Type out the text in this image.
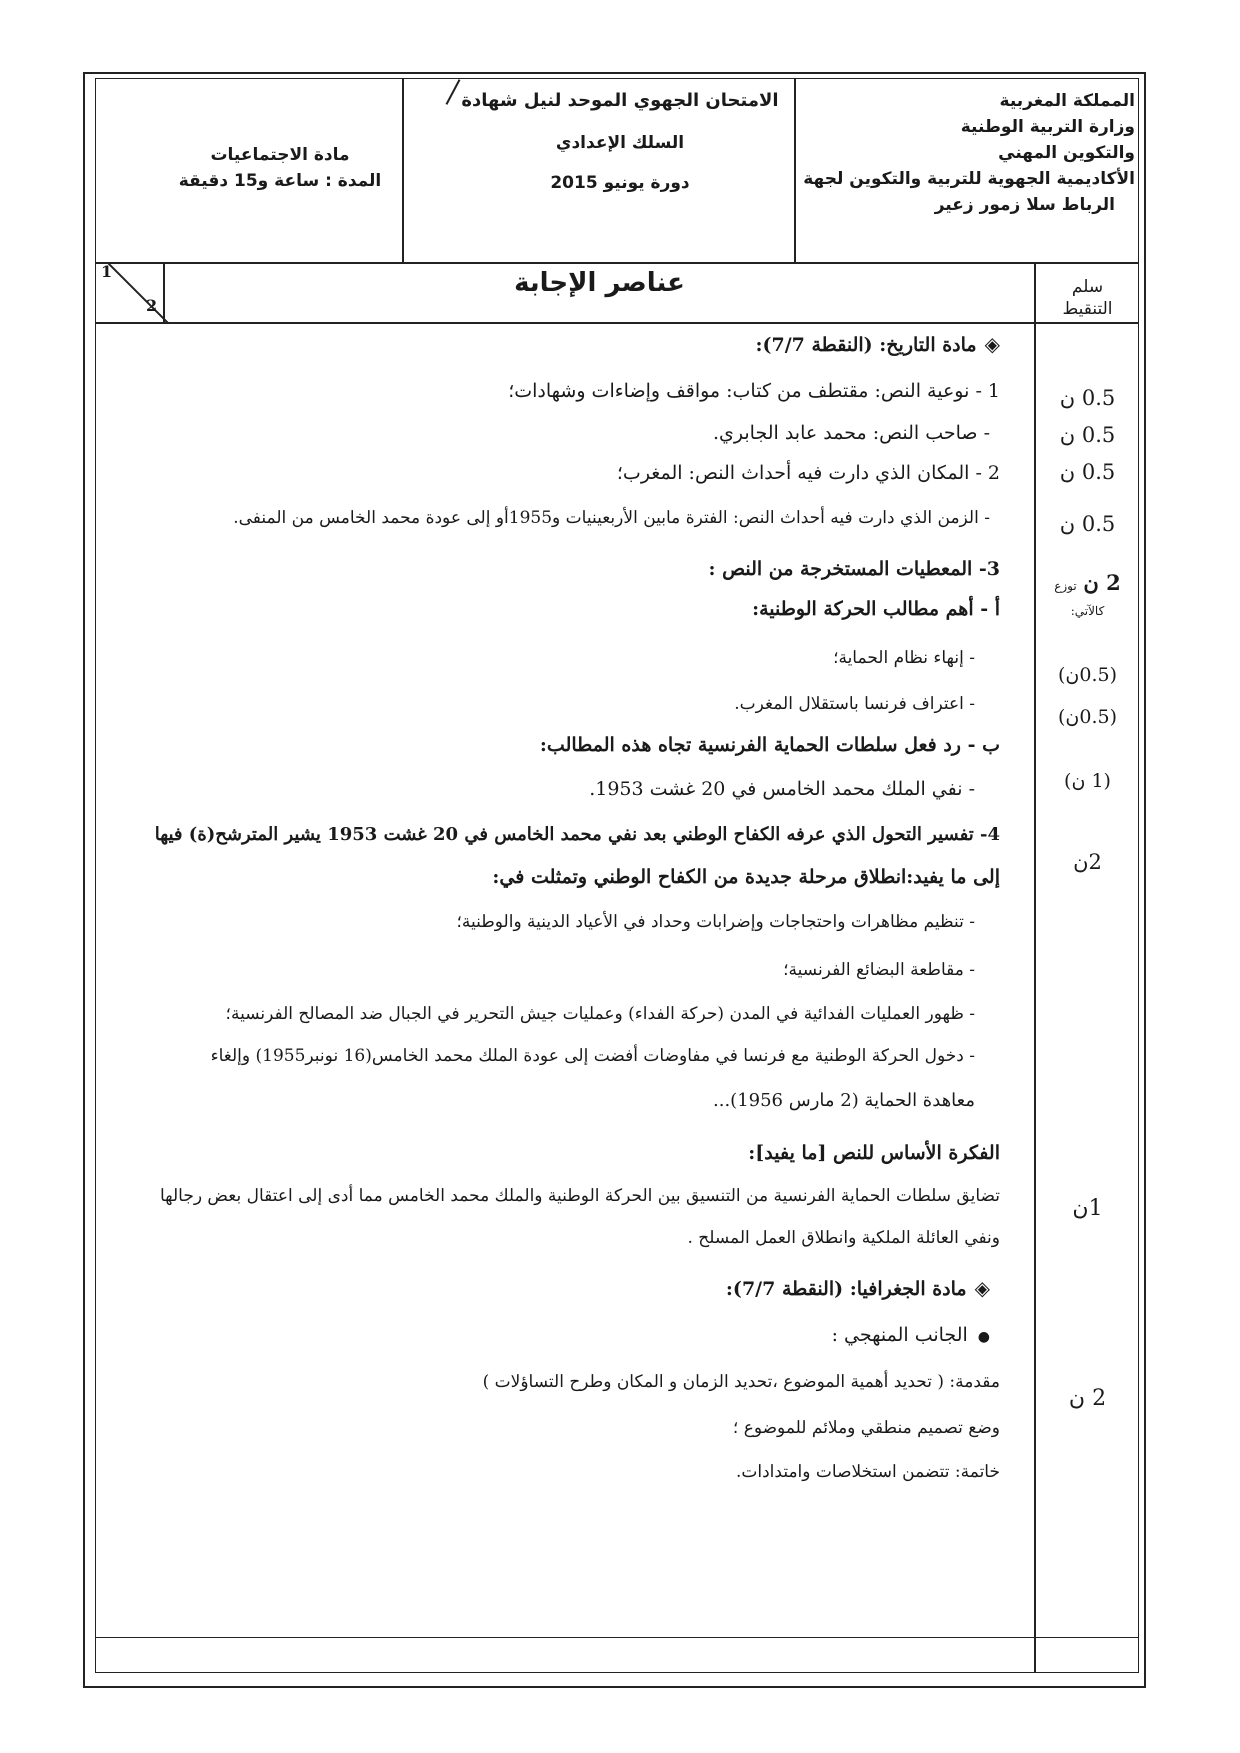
المملكة المغربية
وزارة التربية الوطنية
والتكوين المهني
الأكاديمية الجهوية للتربية والتكوين لجهة
الرباط سلا زمور زعير
الامتحان الجهوي الموحد لنيل شهادة
السلك الإعدادي
دورة يونيو 2015
مادة الاجتماعيات
المدة : ساعة و15 دقيقة
1
2
عناصر الإجابة	سلم
التنقيط
◈مادة التاريخ: (النقطة 7/7):
1 - نوعية النص: مقتطف من كتاب: مواقف وإضاءات وشهادات؛
- صاحب النص: محمد عابد الجابري.
2 - المكان الذي دارت فيه أحداث النص: المغرب؛
- الزمن الذي دارت فيه أحداث النص: الفترة مابين الأربعينيات و1955أو إلى عودة محمد الخامس من المنفى.
3- المعطيات المستخرجة من النص :
أ - أهم مطالب الحركة الوطنية:
- إنهاء نظام الحماية؛
- اعتراف فرنسا باستقلال المغرب.
ب - رد فعل سلطات الحماية الفرنسية تجاه هذه المطالب:
- نفي الملك محمد الخامس في 20 غشت 1953.
4- تفسير التحول الذي عرفه الكفاح الوطني بعد نفي محمد الخامس في 20 غشت 1953 يشير المترشح(ة) فيها
إلى ما يفيد:انطلاق مرحلة جديدة من الكفاح الوطني وتمثلت في:
- تنظيم مظاهرات واحتجاجات وإضرابات وحداد في الأعياد الدينية والوطنية؛
- مقاطعة البضائع الفرنسية؛
- ظهور العمليات الفدائية في المدن (حركة الفداء) وعمليات جيش التحرير في الجبال ضد المصالح الفرنسية؛
- دخول الحركة الوطنية مع فرنسا في مفاوضات أفضت إلى عودة الملك محمد الخامس(16 نونبر1955) وإلغاء
معاهدة الحماية (2 مارس 1956)...
الفكرة الأساس للنص [ما يفيد]:
تضايق سلطات الحماية الفرنسية من التنسيق بين الحركة الوطنية والملك محمد الخامس مما أدى إلى اعتقال بعض رجالها
ونفي العائلة الملكية وانطلاق العمل المسلح .
◈مادة الجغرافيا: (النقطة 7/7):
●الجانب المنهجي :
مقدمة: ( تحديد أهمية الموضوع ،تحديد الزمان و المكان وطرح التساؤلات )
وضع تصميم منطقي وملائم للموضوع ؛
خاتمة: تتضمن استخلاصات وامتدادات.
0.5 ن
0.5 ن
0.5 ن
0.5 ن
2 ن توزع
كالآتي:
(0.5ن)
(0.5ن)
(1 ن)
2ن
1ن
2 ن
